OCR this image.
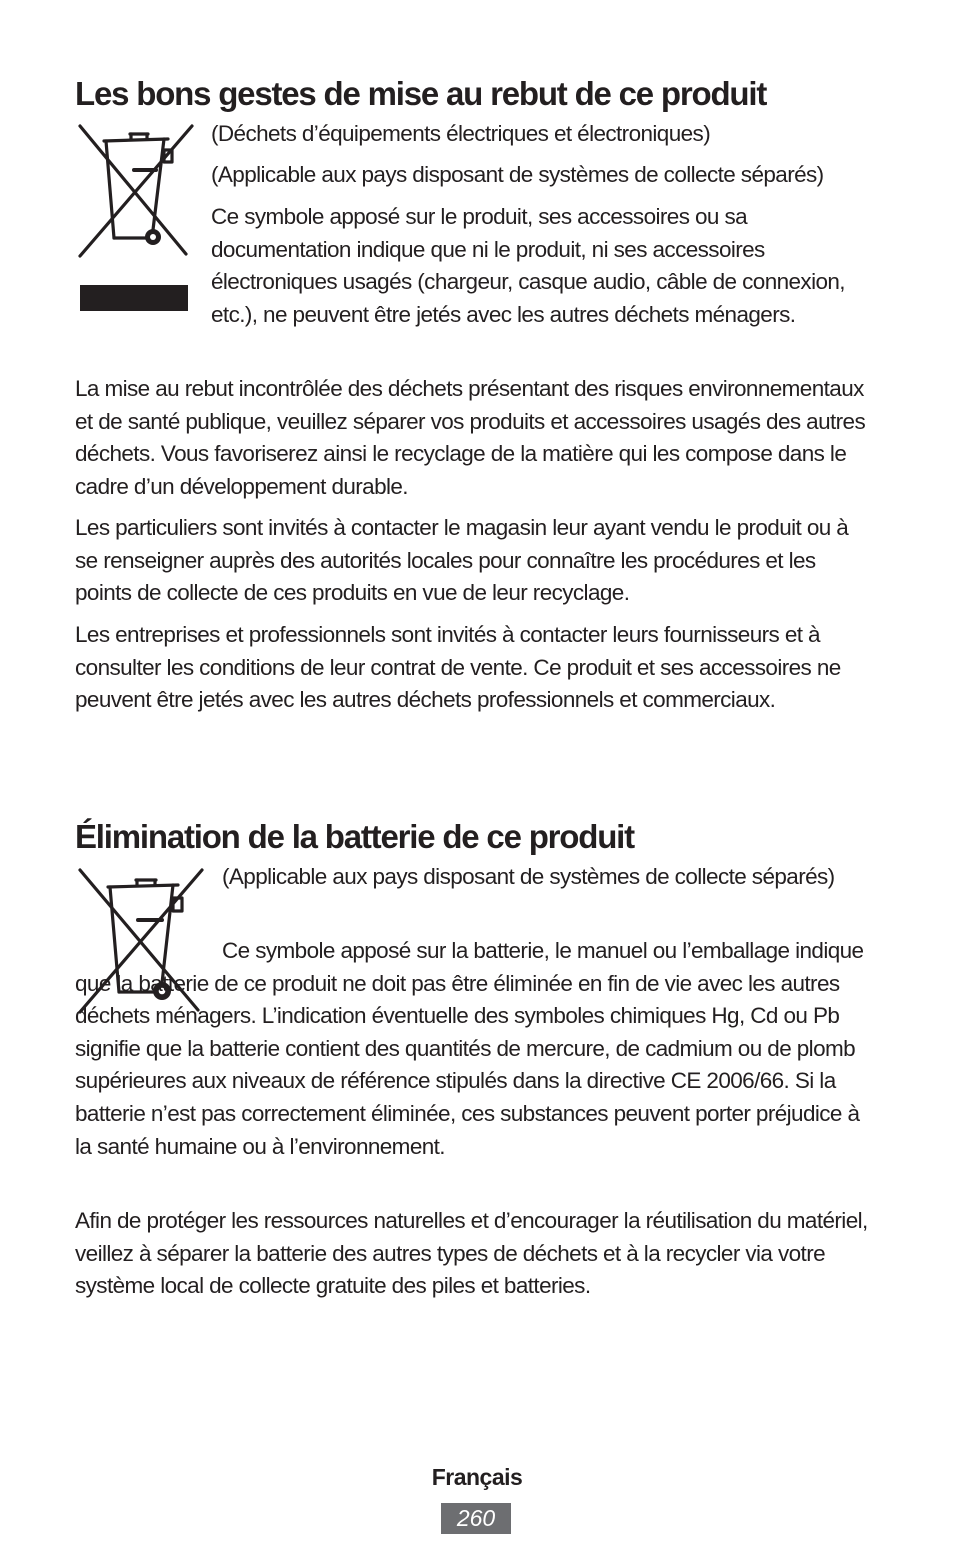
Les bons gestes de mise au rebut de ce produit

(Déchets d’équipements électriques et électroniques)

(Applicable aux pays disposant de systèmes de collecte séparés)

Ce symbole apposé sur le produit, ses accessoires ou sa documentation indique que ni le produit, ni ses accessoires électroniques usagés (chargeur, casque audio, câble de connexion, etc.), ne peuvent être jetés avec les autres déchets ménagers.

La mise au rebut incontrôlée des déchets présentant des risques environnementaux et de santé publique, veuillez séparer vos produits et accessoires usagés des autres déchets. Vous favoriserez ainsi le recyclage de la matière qui les compose dans le cadre d’un développement durable.

Les particuliers sont invités à contacter le magasin leur ayant vendu le produit ou à se renseigner auprès des autorités locales pour connaître les procédures et les points de collecte de ces produits en vue de leur recyclage.

Les entreprises et professionnels sont invités à contacter leurs fournisseurs et à consulter les conditions de leur contrat de vente. Ce produit et ses accessoires ne peuvent être jetés avec les autres déchets professionnels et commerciaux.

Élimination de la batterie de ce produit

(Applicable aux pays disposant de systèmes de collecte séparés)

Ce symbole apposé sur la batterie, le manuel ou l’emballage indique que la batterie de ce produit ne doit pas être éliminée en fin de vie avec les autres déchets ménagers. L’indication éventuelle des symboles chimiques Hg, Cd ou Pb signifie que la batterie contient des quantités de mercure, de cadmium ou de plomb supérieures aux niveaux de référence stipulés dans la directive CE 2006/66. Si la batterie n’est pas correctement éliminée, ces substances peuvent porter préjudice à la santé humaine ou à l’environnement.

Afin de protéger les ressources naturelles et d’encourager la réutilisation du matériel, veillez à séparer la batterie des autres types de déchets et à la recycler via votre système local de collecte gratuite des piles et batteries.

Français

260
